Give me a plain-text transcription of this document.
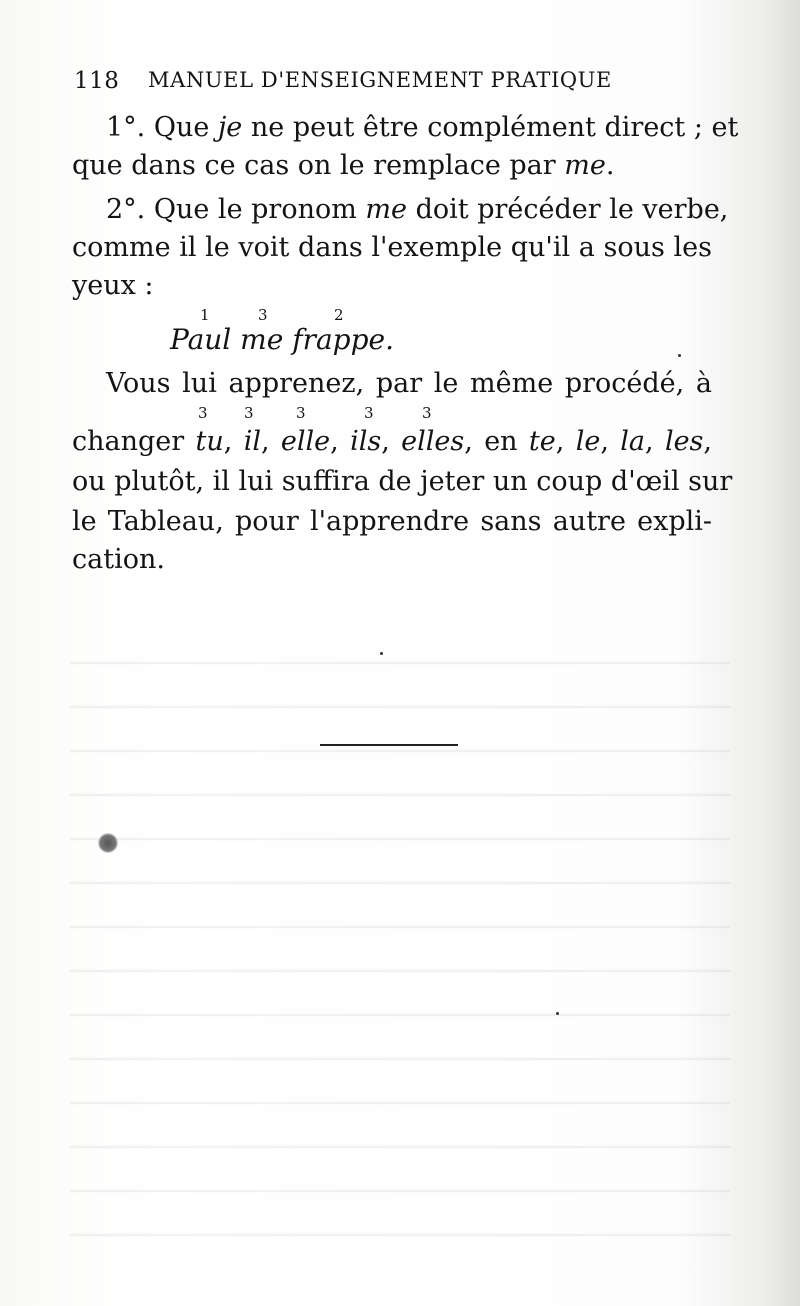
118 MANUEL D'ENSEIGNEMENT PRATIQUE
1°. Que je ne peut être complément direct ; et
que dans ce cas on le remplace par me.
2°. Que le pronom me doit précéder le verbe,
comme il le voit dans l'exemple qu'il a sous les
yeux :
1	3	2
Paul me frappe.
Vous lui apprenez, par le même procédé, à
3 3	3	3	3
changer tu, il, elle, ils, elles, en te, le, la, les,
ou plutôt, il lui suffira de jeter un coup d'œil sur
le Tableau, pour l'apprendre sans autre expli-
cation.
